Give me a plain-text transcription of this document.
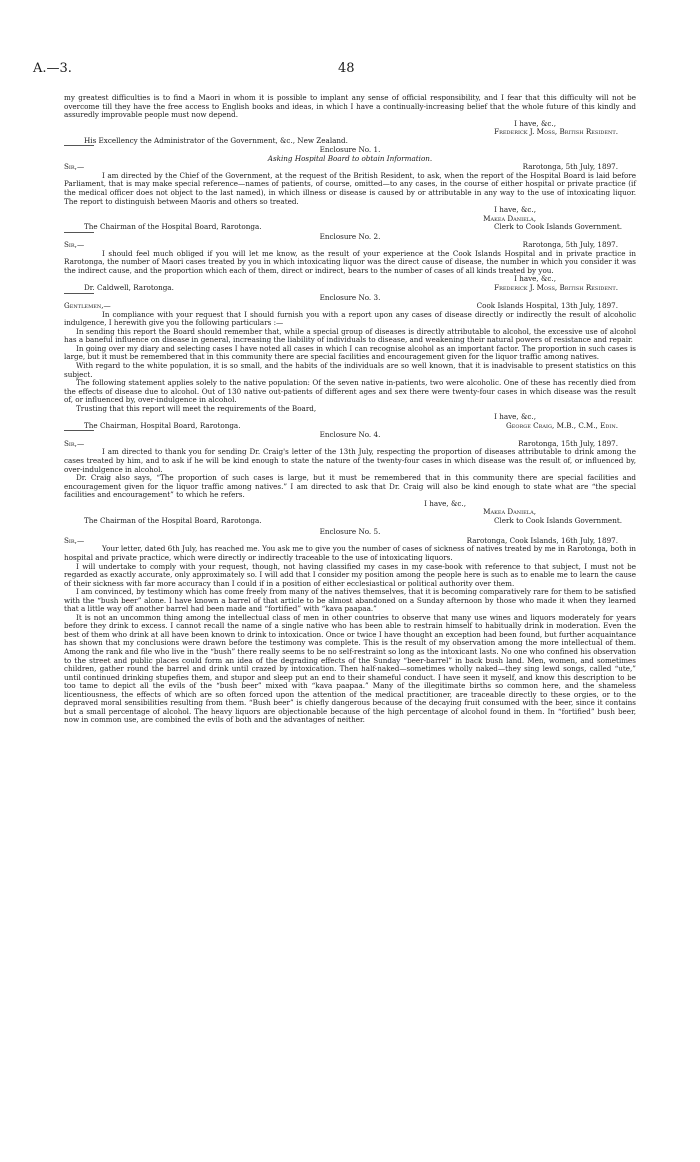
A.—3.	48

my greatest difficulties is to find a Maori in whom it is possible to implant any sense of official responsibility, and I fear that this difficulty will not be overcome till they have the free access to English books and ideas, in which I have a continually-increasing belief that the whole future of this kindly and assuredly improvable people must now depend.

I have, &c.,
Frederick J. Moss, British Resident.
His Excellency the Administrator of the Government, &c., New Zealand.
Enclosure No. 1.
Asking Hospital Board to obtain Information.
Sir,—	Rarotonga, 5th July, 1897.

I am directed by the Chief of the Government, at the request of the British Resident, to ask, when the report of the Hospital Board is laid before Parliament, that is may make special reference—names of patients, of course, omitted—to any cases, in the course of either hospital or private practice (if the medical officer does not object to the last named), in which illness or disease is caused by or attributable in any way to the use of intoxicating liquor. The report to distinguish between Maoris and others so treated.

I have, &c.,
Makea Daniela,
The Chairman of the Hospital Board, Rarotonga.	Clerk to Cook Islands Government.
Enclosure No. 2.
Sir,—	Rarotonga, 5th July, 1897.

I should feel much obliged if you will let me know, as the result of your experience at the Cook Islands Hospital and in private practice in Rarotonga, the number of Maori cases treated by you in which intoxicating liquor was the direct cause of disease, the number in which you consider it was the indirect cause, and the proportion which each of them, direct or indirect, bears to the number of cases of all kinds treated by you.

I have, &c.,
Dr. Caldwell, Rarotonga.	Frederick J. Moss, British Resident.
Enclosure No. 3.
Gentlemen,—	Cook Islands Hospital, 13th July, 1897.

In compliance with your request that I should furnish you with a report upon any cases of disease directly or indirectly the result of alcoholic indulgence, I herewith give you the following particulars :—

In sending this report the Board should remember that, while a special group of diseases is directly attributable to alcohol, the excessive use of alcohol has a baneful influence on disease in general, increasing the liability of individuals to disease, and weakening their natural powers of resistance and repair.

In going over my diary and selecting cases I have noted all cases in which I can recognise alcohol as an important factor. The proportion in such cases is large, but it must be remembered that in this community there are special facilities and encouragement given for the liquor traffic among natives.

With regard to the white population, it is so small, and the habits of the individuals are so well known, that it is inadvisable to present statistics on this subject.

The following statement applies solely to the native population: Of the seven native in-patients, two were alcoholic. One of these has recently died from the effects of disease due to alcohol. Out of 130 native out-patients of different ages and sex there were twenty-four cases in which disease was the result of, or influenced by, over-indulgence in alcohol.

Trusting that this report will meet the requirements of the Board,

I have, &c.,
The Chairman, Hospital Board, Rarotonga.	George Craig, M.B., C.M., Edin.
Enclosure No. 4.
Sir,—	Rarotonga, 15th July, 1897.

I am directed to thank you for sending Dr. Craig's letter of the 13th July, respecting the proportion of diseases attributable to drink among the cases treated by him, and to ask if he will be kind enough to state the nature of the twenty-four cases in which disease was the result of, or influenced by, over-indulgence in alcohol.

Dr. Craig also says, “The proportion of such cases is large, but it must be remembered that in this community there are special facilities and encouragement given for the liquor traffic among natives.” I am directed to ask that Dr. Craig will also be kind enough to state what are “the special facilities and encouragement” to which he refers.

I have, &c.,
Makea Daniela,
The Chairman of the Hospital Board, Rarotonga.	Clerk to Cook Islands Government.
Enclosure No. 5.
Sir,—	Rarotonga, Cook Islands, 16th July, 1897.

Your letter, dated 6th July, has reached me. You ask me to give you the number of cases of sickness of natives treated by me in Rarotonga, both in hospital and private practice, which were directly or indirectly traceable to the use of intoxicating liquors.

I will undertake to comply with your request, though, not having classified my cases in my case-book with reference to that subject, I must not be regarded as exactly accurate, only approximately so. I will add that I consider my position among the people here is such as to enable me to learn the cause of their sickness with far more accuracy than I could if in a position of either ecclesiastical or political authority over them.

I am convinced, by testimony which has come freely from many of the natives themselves, that it is becoming comparatively rare for them to be satisfied with the “bush beer” alone. I have known a barrel of that article to be almost abandoned on a Sunday afternoon by those who made it when they learned that a little way off another barrel had been made and “fortified” with “kava paapaa.”

It is not an uncommon thing among the intellectual class of men in other countries to observe that many use wines and liquors moderately for years before they drink to excess. I cannot recall the name of a single native who has been able to restrain himself to habitually drink in moderation. Even the best of them who drink at all have been known to drink to intoxication. Once or twice I have thought an exception had been found, but further acquaintance has shown that my conclusions were drawn before the testimony was complete. This is the result of my observation among the more intellectual of them. Among the rank and file who live in the “bush” there really seems to be no self-restraint so long as the intoxicant lasts. No one who confined his observation to the street and public places could form an idea of the degrading effects of the Sunday “beer-barrel” in back bush land. Men, women, and sometimes children, gather round the barrel and drink until crazed by intoxication. Then half-naked—sometimes wholly naked—they sing lewd songs, called “ute,” until continued drinking stupefies them, and stupor and sleep put an end to their shameful conduct. I have seen it myself, and know this description to be too tame to depict all the evils of the “bush beer” mixed with “kava paapaa.” Many of the illegitimate births so common here, and the shameless licentiousness, the effects of which are so often forced upon the attention of the medical practitioner, are traceable directly to these orgies, or to the depraved moral sensibilities resulting from them. “Bush beer” is chiefly dangerous because of the decaying fruit consumed with the beer, since it contains but a small percentage of alcohol. The heavy liquors are objectionable because of the high percentage of alcohol found in them. In “fortified” bush beer, now in common use, are combined the evils of both and the advantages of neither.
